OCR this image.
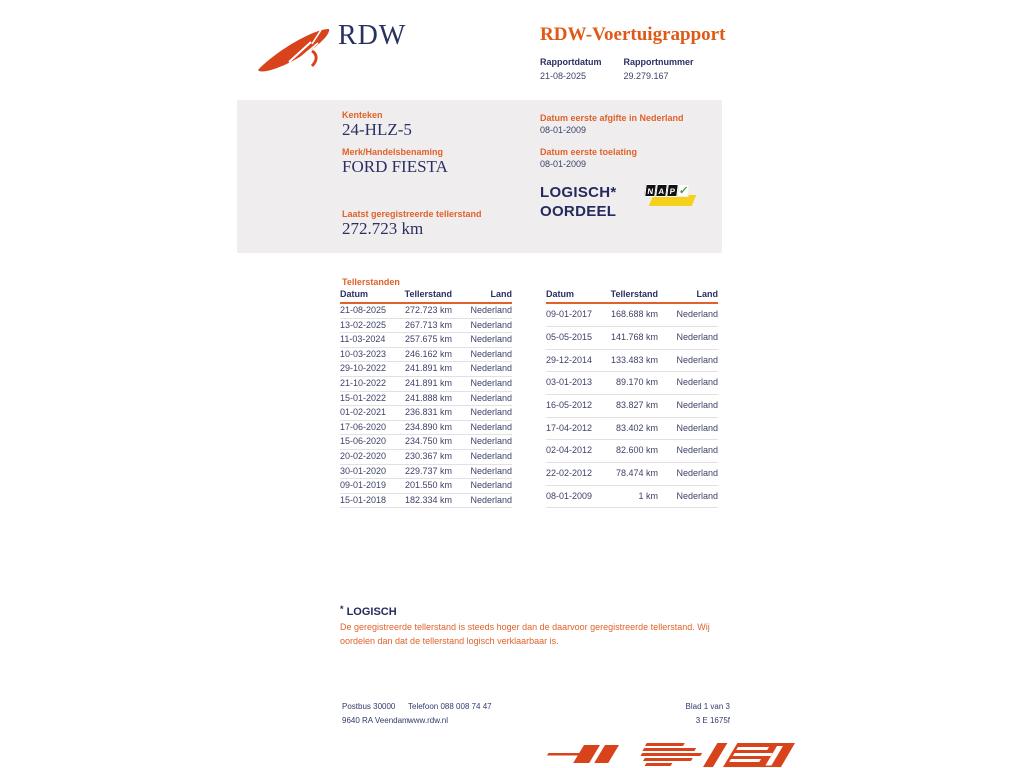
RDW	RDW-Voertuigrapport
Rapportdatum
21-08-2025
Rapportnummer
29.279.167
Kenteken
24-HLZ-5
Merk/Handelsbenaming
FORD FIESTA
Laatst geregistreerde tellerstand
272.723 km
Datum eerste afgifte in Nederland
08-01-2009
Datum eerste toelating
08-01-2009
LOGISCH*
OORDEEL
N A P ✓
Tellerstanden
Datum	Tellerstand	Land
21-08-2025	272.723 km	Nederland
13-02-2025	267.713 km	Nederland
11-03-2024	257.675 km	Nederland
10-03-2023	246.162 km	Nederland
29-10-2022	241.891 km	Nederland
21-10-2022	241.891 km	Nederland
15-01-2022	241.888 km	Nederland
01-02-2021	236.831 km	Nederland
17-06-2020	234.890 km	Nederland
15-06-2020	234.750 km	Nederland
20-02-2020	230.367 km	Nederland
30-01-2020	229.737 km	Nederland
09-01-2019	201.550 km	Nederland
15-01-2018	182.334 km	Nederland
Datum	Tellerstand	Land
09-01-2017	168.688 km	Nederland
05-05-2015	141.768 km	Nederland
29-12-2014	133.483 km	Nederland
03-01-2013	89.170 km	Nederland
16-05-2012	83.827 km	Nederland
17-04-2012	83.402 km	Nederland
02-04-2012	82.600 km	Nederland
22-02-2012	78.474 km	Nederland
08-01-2009	1 km	Nederland
* LOGISCH
De geregistreerde tellerstand is steeds hoger dan de daarvoor geregistreerde tellerstand. Wij oordelen dan dat de tellerstand logisch verklaarbaar is.
Postbus 30000
9640 RA Veendam
Telefoon 088 008 74 47
www.rdw.nl
Blad 1 van 3
3 E 1675f
